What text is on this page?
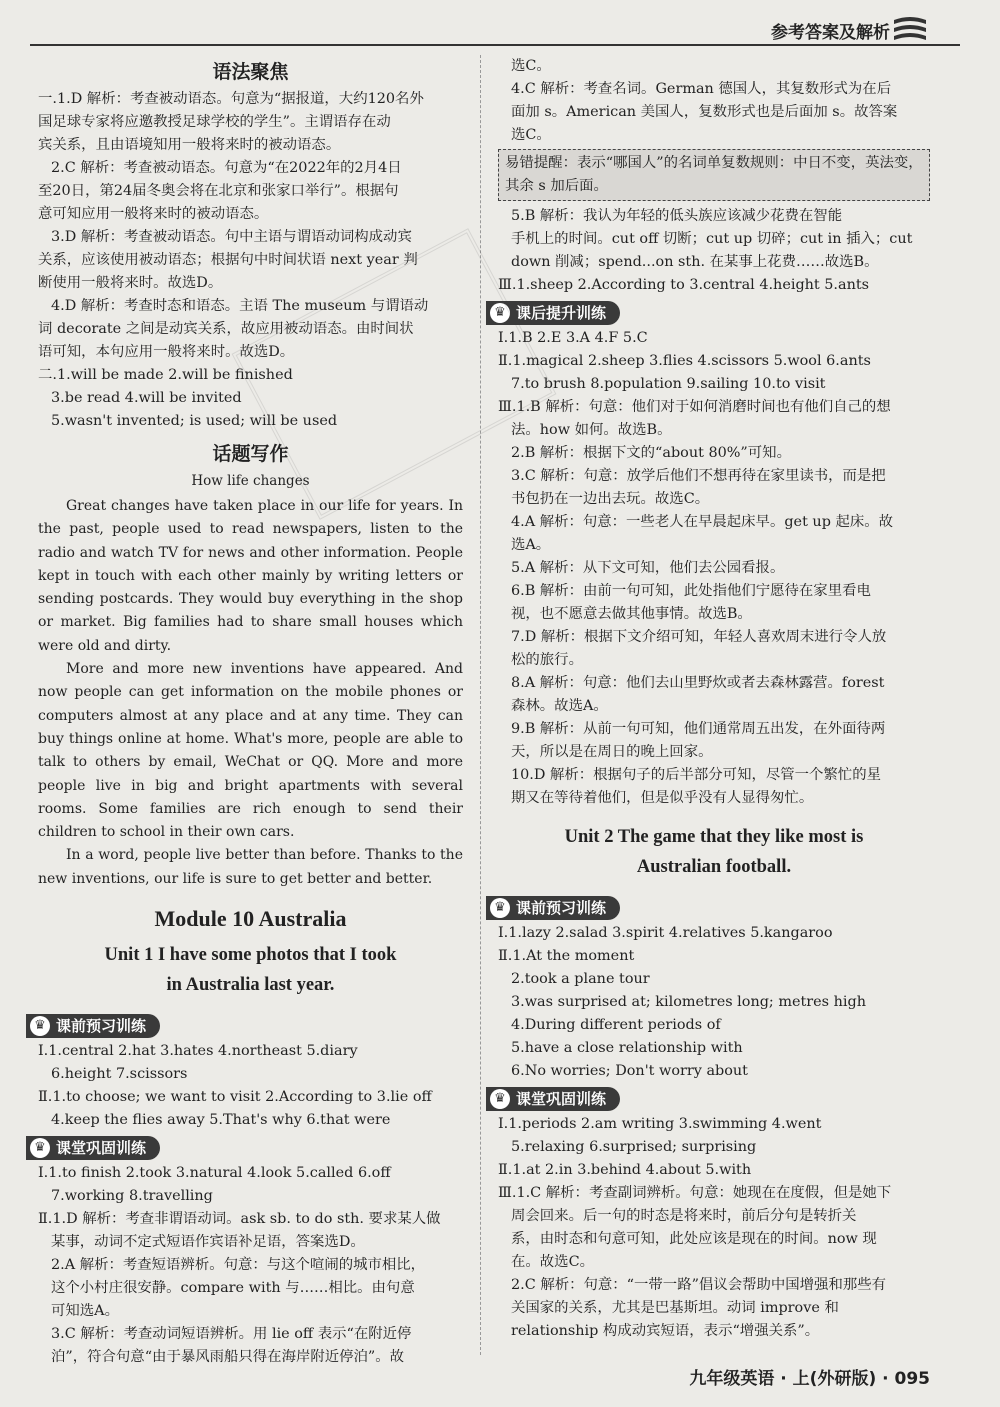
参考答案及解析
语法聚焦
一.1.D 解析：考查被动语态。句意为“据报道，大约120名外
国足球专家将应邀教授足球学校的学生”。主谓语存在动
宾关系，且由语境知用一般将来时的被动语态。
2.C 解析：考查被动语态。句意为“在2022年的2月4日
至20日，第24届冬奥会将在北京和张家口举行”。根据句
意可知应用一般将来时的被动语态。
3.D 解析：考查被动语态。句中主语与谓语动词构成动宾
关系，应该使用被动语态；根据句中时间状语 next year 判
断使用一般将来时。故选D。
4.D 解析：考查时态和语态。主语 The museum 与谓语动
词 decorate 之间是动宾关系，故应用被动语态。由时间状
语可知，本句应用一般将来时。故选D。
二.1.will be made 2.will be finished
3.be read 4.will be invited
5.wasn't invented; is used; will be used
话题写作
How life changes

Great changes have taken place in our life for years. In the past, people used to read newspapers, listen to the radio and watch TV for news and other information. People kept in touch with each other mainly by writing letters or sending postcards. They would buy everything in the shop or market. Big families had to share small houses which were old and dirty.

More and more new inventions have appeared. And now people can get information on the mobile phones or computers almost at any place and at any time. They can buy things online at home. What's more, people are able to talk to others by email, WeChat or QQ. More and more people live in big and bright apartments with several rooms. Some families are rich enough to send their children to school in their own cars.

In a word, people live better than before. Thanks to the new inventions, our life is sure to get better and better.

Module 10 Australia
Unit 1 I have some photos that I took
in Australia last year.
♛ 课前预习训练
Ⅰ.1.central 2.hat 3.hates 4.northeast 5.diary
6.height 7.scissors
Ⅱ.1.to choose; we want to visit 2.According to 3.lie off
4.keep the flies away 5.That's why 6.that were
♛ 课堂巩固训练
Ⅰ.1.to finish 2.took 3.natural 4.look 5.called 6.off
7.working 8.travelling
Ⅱ.1.D 解析：考查非谓语动词。ask sb. to do sth. 要求某人做
某事，动词不定式短语作宾语补足语，答案选D。
2.A 解析：考查短语辨析。句意：与这个喧闹的城市相比，
这个小村庄很安静。compare with 与……相比。由句意
可知选A。
3.C 解析：考查动词短语辨析。用 lie off 表示“在附近停
泊”，符合句意“由于暴风雨船只得在海岸附近停泊”。故
选C。
4.C 解析：考查名词。German 德国人，其复数形式为在后
面加 s。American 美国人，复数形式也是后面加 s。故答案
选C。
易错提醒：表示“哪国人”的名词单复数规则：中日不变，英法变，其余 s 加后面。
5.B 解析：我认为年轻的低头族应该减少花费在智能
手机上的时间。cut off 切断；cut up 切碎；cut in 插入；cut
down 削减；spend...on sth. 在某事上花费……故选B。
Ⅲ.1.sheep 2.According to 3.central 4.height 5.ants
♛ 课后提升训练
Ⅰ.1.B 2.E 3.A 4.F 5.C
Ⅱ.1.magical 2.sheep 3.flies 4.scissors 5.wool 6.ants
7.to brush 8.population 9.sailing 10.to visit
Ⅲ.1.B 解析：句意：他们对于如何消磨时间也有他们自己的想
法。how 如何。故选B。
2.B 解析：根据下文的“about 80%”可知。
3.C 解析：句意：放学后他们不想再待在家里读书，而是把
书包扔在一边出去玩。故选C。
4.A 解析：句意：一些老人在早晨起床早。get up 起床。故
选A。
5.A 解析：从下文可知，他们去公园看报。
6.B 解析：由前一句可知，此处指他们宁愿待在家里看电
视，也不愿意去做其他事情。故选B。
7.D 解析：根据下文介绍可知，年轻人喜欢周末进行令人放
松的旅行。
8.A 解析：句意：他们去山里野炊或者去森林露营。forest
森林。故选A。
9.B 解析：从前一句可知，他们通常周五出发，在外面待两
天，所以是在周日的晚上回家。
10.D 解析：根据句子的后半部分可知，尽管一个繁忙的星
期又在等待着他们，但是似乎没有人显得匆忙。
Unit 2 The game that they like most is
Australian football.
♛ 课前预习训练
Ⅰ.1.lazy 2.salad 3.spirit 4.relatives 5.kangaroo
Ⅱ.1.At the moment
2.took a plane tour
3.was surprised at; kilometres long; metres high
4.During different periods of
5.have a close relationship with
6.No worries; Don't worry about
♛ 课堂巩固训练
Ⅰ.1.periods 2.am writing 3.swimming 4.went
5.relaxing 6.surprised; surprising
Ⅱ.1.at 2.in 3.behind 4.about 5.with
Ⅲ.1.C 解析：考查副词辨析。句意：她现在在度假，但是她下
周会回来。后一句的时态是将来时，前后分句是转折关
系，由时态和句意可知，此处应该是现在的时间。now 现
在。故选C。
2.C 解析：句意：“一带一路”倡议会帮助中国增强和那些有
关国家的关系，尤其是巴基斯坦。动词 improve 和
relationship 构成动宾短语，表示“增强关系”。
九年级英语 · 上(外研版) · 095
